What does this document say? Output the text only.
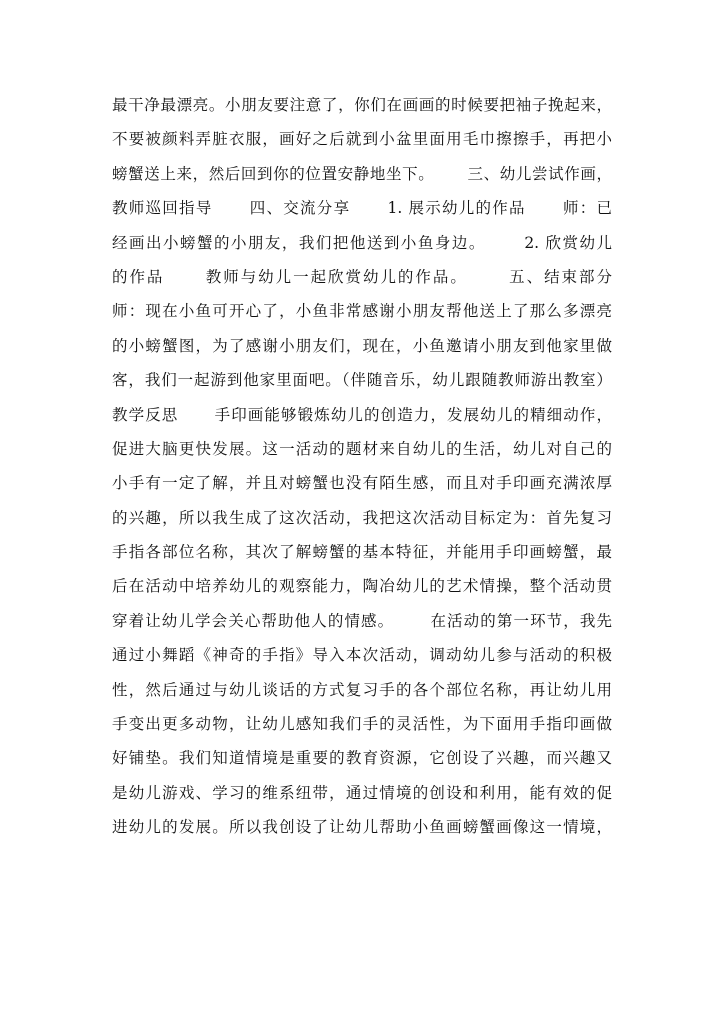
最干净最漂亮。小朋友要注意了，你们在画画的时候要把袖子挽起来，
不要被颜料弄脏衣服，画好之后就到小盆里面用毛巾擦擦手，再把小
螃蟹送上来，然后回到你的位置安静地坐下。      三、幼儿尝试作画，
教师巡回指导      四、交流分享      1. 展示幼儿的作品      师：已
经画出小螃蟹的小朋友，我们把他送到小鱼身边。      2. 欣赏幼儿
的作品      教师与幼儿一起欣赏幼儿的作品。      五、结束部分
师：现在小鱼可开心了，小鱼非常感谢小朋友帮他送上了那么多漂亮
的小螃蟹图，为了感谢小朋友们，现在，小鱼邀请小朋友到他家里做
客，我们一起游到他家里面吧。（伴随音乐，幼儿跟随教师游出教室）
教学反思      手印画能够锻炼幼儿的创造力，发展幼儿的精细动作，
促进大脑更快发展。这一活动的题材来自幼儿的生活，幼儿对自己的
小手有一定了解，并且对螃蟹也没有陌生感，而且对手印画充满浓厚
的兴趣，所以我生成了这次活动，我把这次活动目标定为：首先复习
手指各部位名称，其次了解螃蟹的基本特征，并能用手印画螃蟹，最
后在活动中培养幼儿的观察能力，陶冶幼儿的艺术情操，整个活动贯
穿着让幼儿学会关心帮助他人的情感。      在活动的第一环节，我先
通过小舞蹈《神奇的手指》导入本次活动，调动幼儿参与活动的积极
性，然后通过与幼儿谈话的方式复习手的各个部位名称，再让幼儿用
手变出更多动物，让幼儿感知我们手的灵活性，为下面用手指印画做
好铺垫。我们知道情境是重要的教育资源，它创设了兴趣，而兴趣又
是幼儿游戏、学习的维系纽带，通过情境的创设和利用，能有效的促
进幼儿的发展。所以我创设了让幼儿帮助小鱼画螃蟹画像这一情境，
